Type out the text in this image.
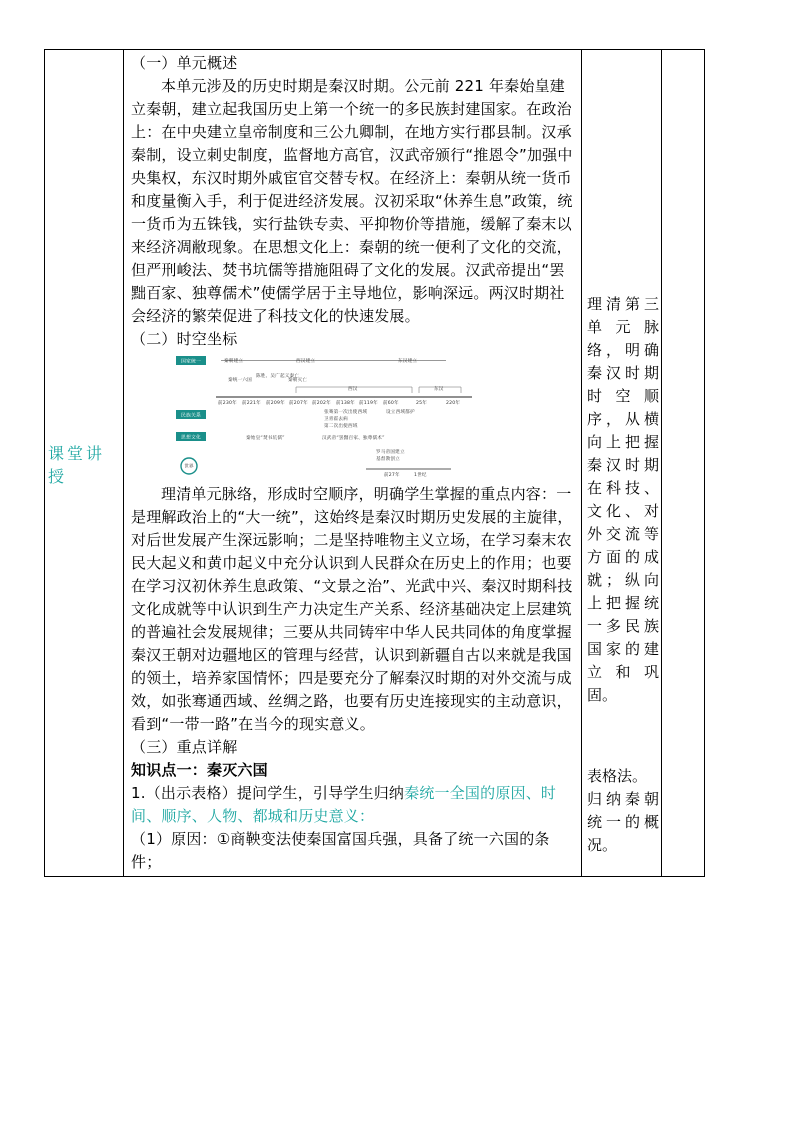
课堂讲授

（一）单元概述

本单元涉及的历史时期是秦汉时期。公元前 221 年秦始皇建立秦朝，建立起我国历史上第一个统一的多民族封建国家。在政治上：在中央建立皇帝制度和三公九卿制，在地方实行郡县制。汉承秦制，设立刺史制度，监督地方高官，汉武帝颁行“推恩令”加强中央集权，东汉时期外戚宦官交替专权。在经济上：秦朝从统一货币和度量衡入手，利于促进经济发展。汉初采取“休养生息”政策，统一货币为五铢钱，实行盐铁专卖、平抑物价等措施，缓解了秦末以来经济凋敝现象。在思想文化上：秦朝的统一便利了文化的交流，但严刑峻法、焚书坑儒等措施阻碍了文化的发展。汉武帝提出“罢黜百家、独尊儒术”使儒学居于主导地位，影响深远。两汉时期社会经济的繁荣促进了科技文化的快速发展。

（二）时空坐标

国家统一
民族关系
思想文化
世界
秦朝建立	西汉建立	东汉建立
秦统一六国
陈胜、吴广起义秦亡
秦朝灭亡
西汉	东汉
前230年 前221年 前209年 前207年 前202年 前138年 前119年 前60年	25年	220年
张骞第一次出使西域
卫青霍去病
第二次出使西域
设立西域都护
秦始皇“焚书坑儒”	汉武帝“罢黜百家、独尊儒术”
罗马帝国建立
基督教创立
前27年	1世纪

理清单元脉络，形成时空顺序，明确学生掌握的重点内容：一是理解政治上的“大一统”，这始终是秦汉时期历史发展的主旋律，对后世发展产生深远影响；二是坚持唯物主义立场，在学习秦末农民大起义和黄巾起义中充分认识到人民群众在历史上的作用；也要在学习汉初休养生息政策、“文景之治”、光武中兴、秦汉时期科技文化成就等中认识到生产力决定生产关系、经济基础决定上层建筑的普遍社会发展规律；三要从共同铸牢中华人民共同体的角度掌握秦汉王朝对边疆地区的管理与经营，认识到新疆自古以来就是我国的领土，培养家国情怀；四是要充分了解秦汉时期的对外交流与成效，如张骞通西域、丝绸之路，也要有历史连接现实的主动意识，看到“一带一路”在当今的现实意义。

（三）重点详解

知识点一：秦灭六国

1.（出示表格）提问学生，引导学生归纳秦统一全国的原因、时间、顺序、人物、都城和历史意义：

（1）原因：①商鞅变法使秦国富国兵强，具备了统一六国的条件；

理清第三

单 元 脉

络，明确

秦汉时期

时 空 顺

序，从横

向上把握

秦汉时期

在科技、

文化、对

外交流等

方面的成

就；纵向

上把握统

一多民族

国家的建

立 和 巩

固。

表格法。

归纳秦朝

统一的概

况。
